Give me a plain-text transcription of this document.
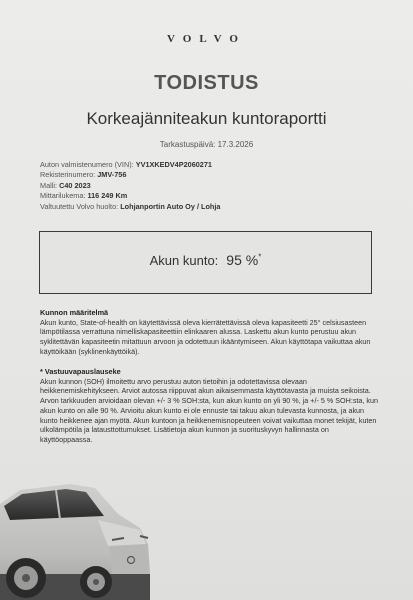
VOLVO
TODISTUS
Korkeajänniteakun kuntoraportti
Tarkastuspäivä: 17.3.2026
Auton valmistenumero (VIN): YV1XKEDV4P2060271
Rekisterinumero: JMV-756
Malli: C40 2023
Mittarilukema: 116 249 Km
Valtuutettu Volvo huolto: Lohjanportin Auto Oy / Lohja
Akun kunto: 95 %*
Kunnon määritelmä

Akun kunto, State-of-health on käytettävissä oleva kierrätettävissä oleva kapasiteetti 25° celsiusasteen lämpötilassa verrattuna nimelliskapasiteettiin elinkaaren alussa. Laskettu akun kunto perustuu akun syklitettävän kapasiteetin mitattuun arvoon ja odotettuun ikääntymiseen. Akun käyttötapa vaikuttaa akun käyttöikään (syklinenkäyttöikä).

* Vastuuvapauslauseke

Akun kunnon (SOH) ilmoitettu arvo perustuu auton tietoihin ja odotettavissa olevaan heikkenemiskehitykseen. Arviot autossa riippuvat akun aikaisemmasta käyttötavasta ja muista seikoista. Arvon tarkkuuden arvioidaan olevan +/- 3 % SOH:sta, kun akun kunto on yli 90 %, ja +/- 5 % SOH:sta, kun akun kunto on alle 90 %. Arvioitu akun kunto ei ole ennuste tai takuu akun tulevasta kunnosta, ja akun kunto heikkenee ajan myötä. Akun kuntoon ja heikkenemisnopeuteen voivat vaikuttaa monet tekijät, kuten ulkolämpötila ja latausttottumukset. Lisätietoja akun kunnon ja suorituskyvyn hallinnasta on käyttöoppaassa.
